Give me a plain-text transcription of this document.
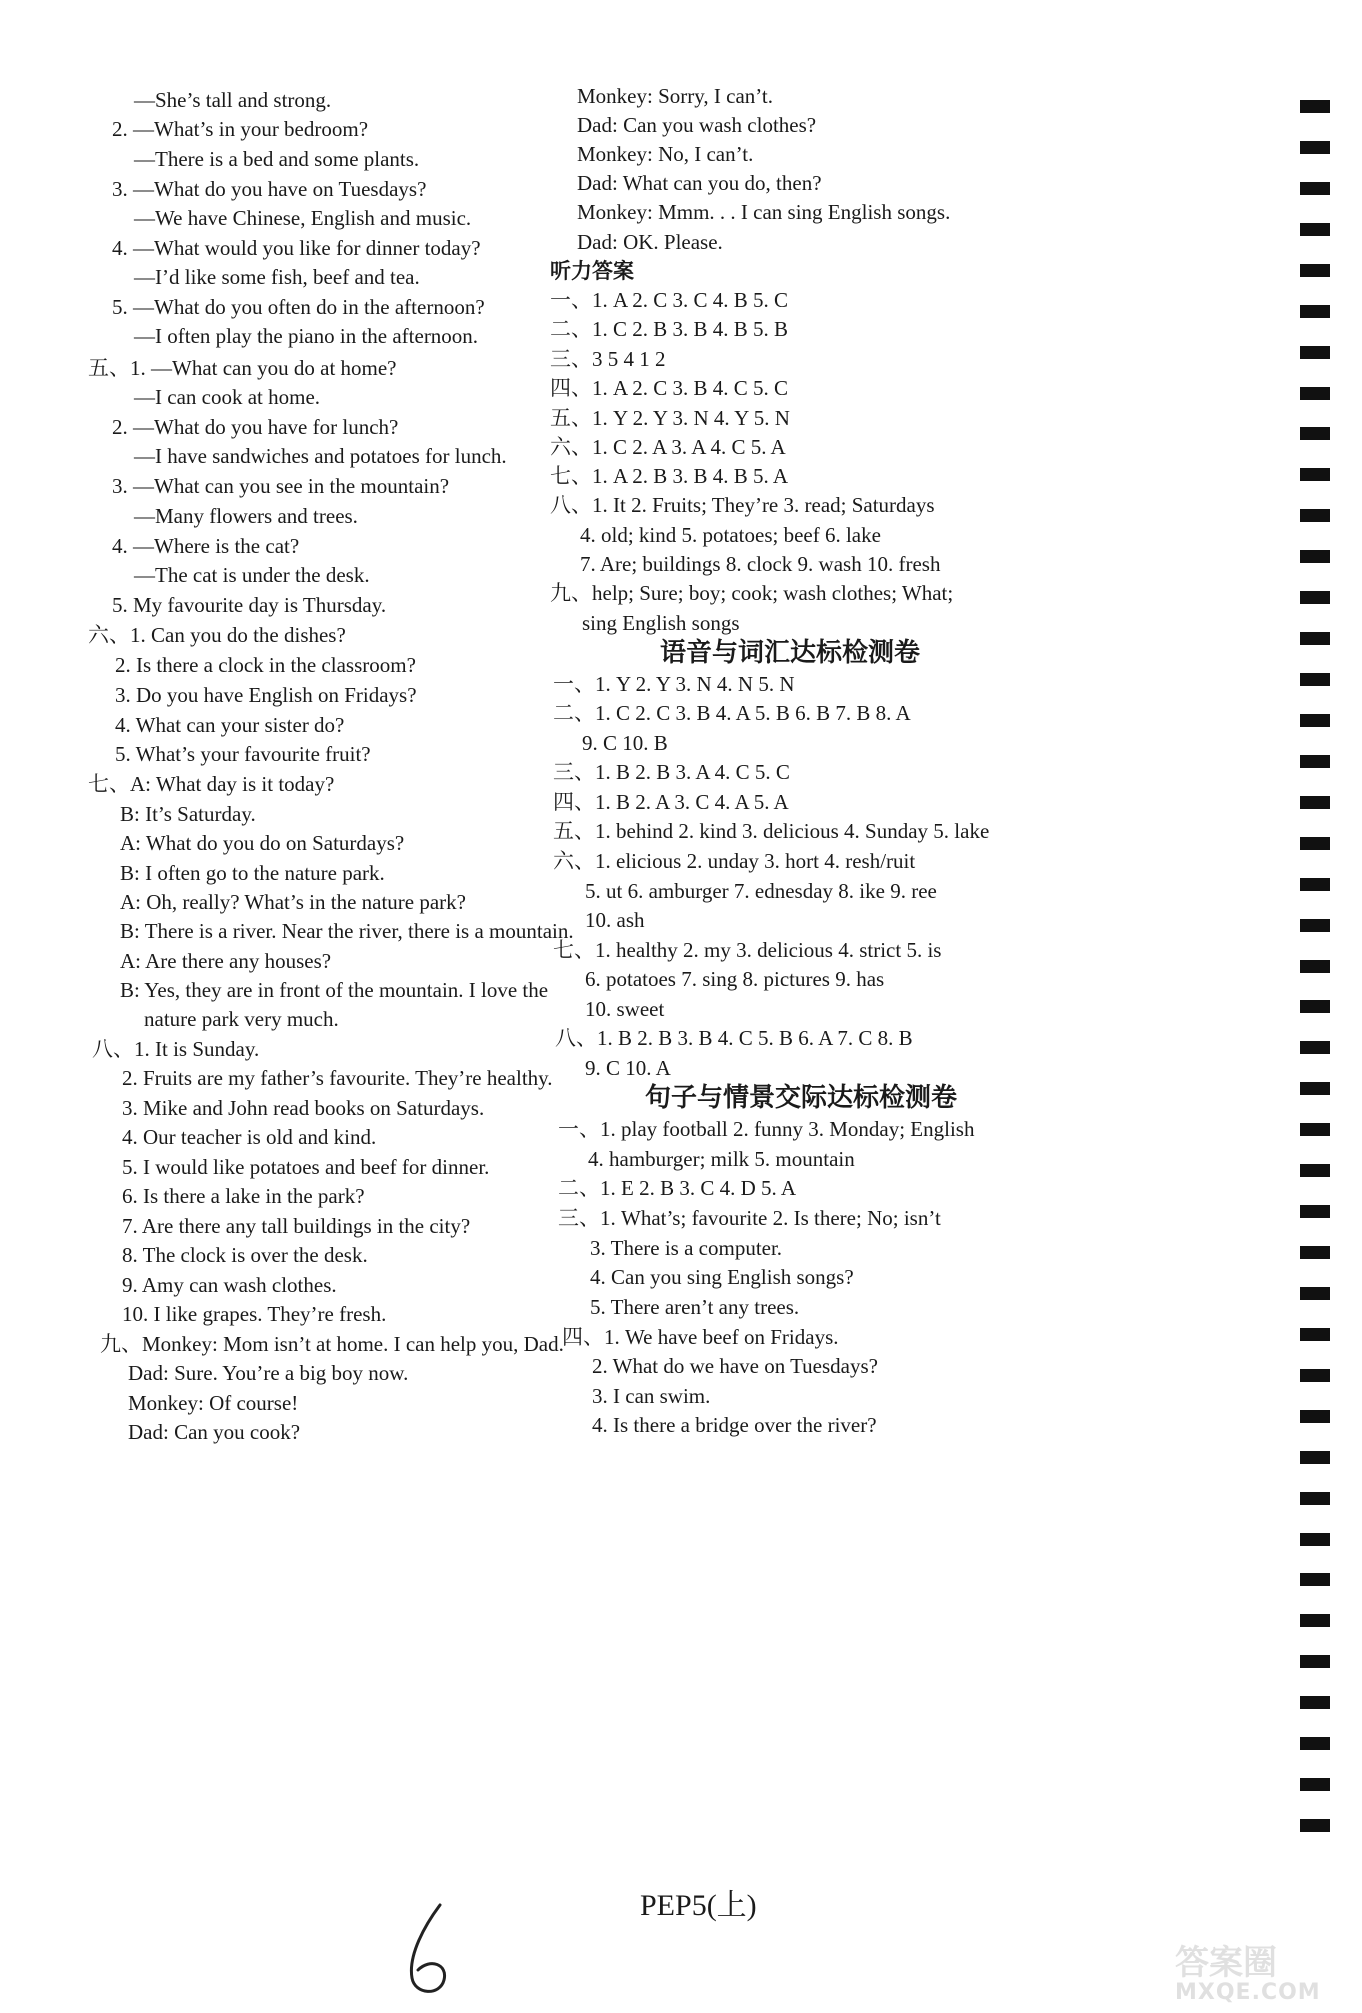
—She’s tall and strong.
2. —What’s in your bedroom?
—There is a bed and some plants.
3. —What do you have on Tuesdays?
—We have Chinese, English and music.
4. —What would you like for dinner today?
—I’d like some fish, beef and tea.
5. —What do you often do in the afternoon?
—I often play the piano in the afternoon.
五、1. —What can you do at home?
—I can cook at home.
2. —What do you have for lunch?
—I have sandwiches and potatoes for lunch.
3. —What can you see in the mountain?
—Many flowers and trees.
4. —Where is the cat?
—The cat is under the desk.
5. My favourite day is Thursday.
六、1. Can you do the dishes?
2. Is there a clock in the classroom?
3. Do you have English on Fridays?
4. What can your sister do?
5. What’s your favourite fruit?
七、A: What day is it today?
B: It’s Saturday.
A: What do you do on Saturdays?
B: I often go to the nature park.
A: Oh, really? What’s in the nature park?
B: There is a river. Near the river, there is a mountain.
A: Are there any houses?
B: Yes, they are in front of the mountain. I love the
nature park very much.
八、1. It is Sunday.
2. Fruits are my father’s favourite. They’re healthy.
3. Mike and John read books on Saturdays.
4. Our teacher is old and kind.
5. I would like potatoes and beef for dinner.
6. Is there a lake in the park?
7. Are there any tall buildings in the city?
8. The clock is over the desk.
9. Amy can wash clothes.
10. I like grapes. They’re fresh.
九、Monkey: Mom isn’t at home. I can help you, Dad.
Dad: Sure. You’re a big boy now.
Monkey: Of course!
Dad: Can you cook?
Monkey: Sorry, I can’t.
Dad: Can you wash clothes?
Monkey: No, I can’t.
Dad: What can you do, then?
Monkey: Mmm. . . I can sing English songs.
Dad: OK. Please.
听力答案
一、1. A 2. C 3. C 4. B 5. C
二、1. C 2. B 3. B 4. B 5. B
三、3 5 4 1 2
四、1. A 2. C 3. B 4. C 5. C
五、1. Y 2. Y 3. N 4. Y 5. N
六、1. C 2. A 3. A 4. C 5. A
七、1. A 2. B 3. B 4. B 5. A
八、1. It 2. Fruits; They’re 3. read; Saturdays
4. old; kind 5. potatoes; beef 6. lake
7. Are; buildings 8. clock 9. wash 10. fresh
九、help; Sure; boy; cook; wash clothes; What;
sing English songs
语音与词汇达标检测卷
一、1. Y 2. Y 3. N 4. N 5. N
二、1. C 2. C 3. B 4. A 5. B 6. B 7. B 8. A
9. C 10. B
三、1. B 2. B 3. A 4. C 5. C
四、1. B 2. A 3. C 4. A 5. A
五、1. behind 2. kind 3. delicious 4. Sunday 5. lake
六、1. elicious 2. unday 3. hort 4. resh/ruit
5. ut 6. amburger 7. ednesday 8. ike 9. ree
10. ash
七、1. healthy 2. my 3. delicious 4. strict 5. is
6. potatoes 7. sing 8. pictures 9. has
10. sweet
八、1. B 2. B 3. B 4. C 5. B 6. A 7. C 8. B
9. C 10. A
句子与情景交际达标检测卷
一、1. play football 2. funny 3. Monday; English
4. hamburger; milk 5. mountain
二、1. E 2. B 3. C 4. D 5. A
三、1. What’s; favourite 2. Is there; No; isn’t
3. There is a computer.
4. Can you sing English songs?
5. There aren’t any trees.
四、1. We have beef on Fridays.
2. What do we have on Tuesdays?
3. I can swim.
4. Is there a bridge over the river?
PEP5(上)
答案圈
MXQE.COM
